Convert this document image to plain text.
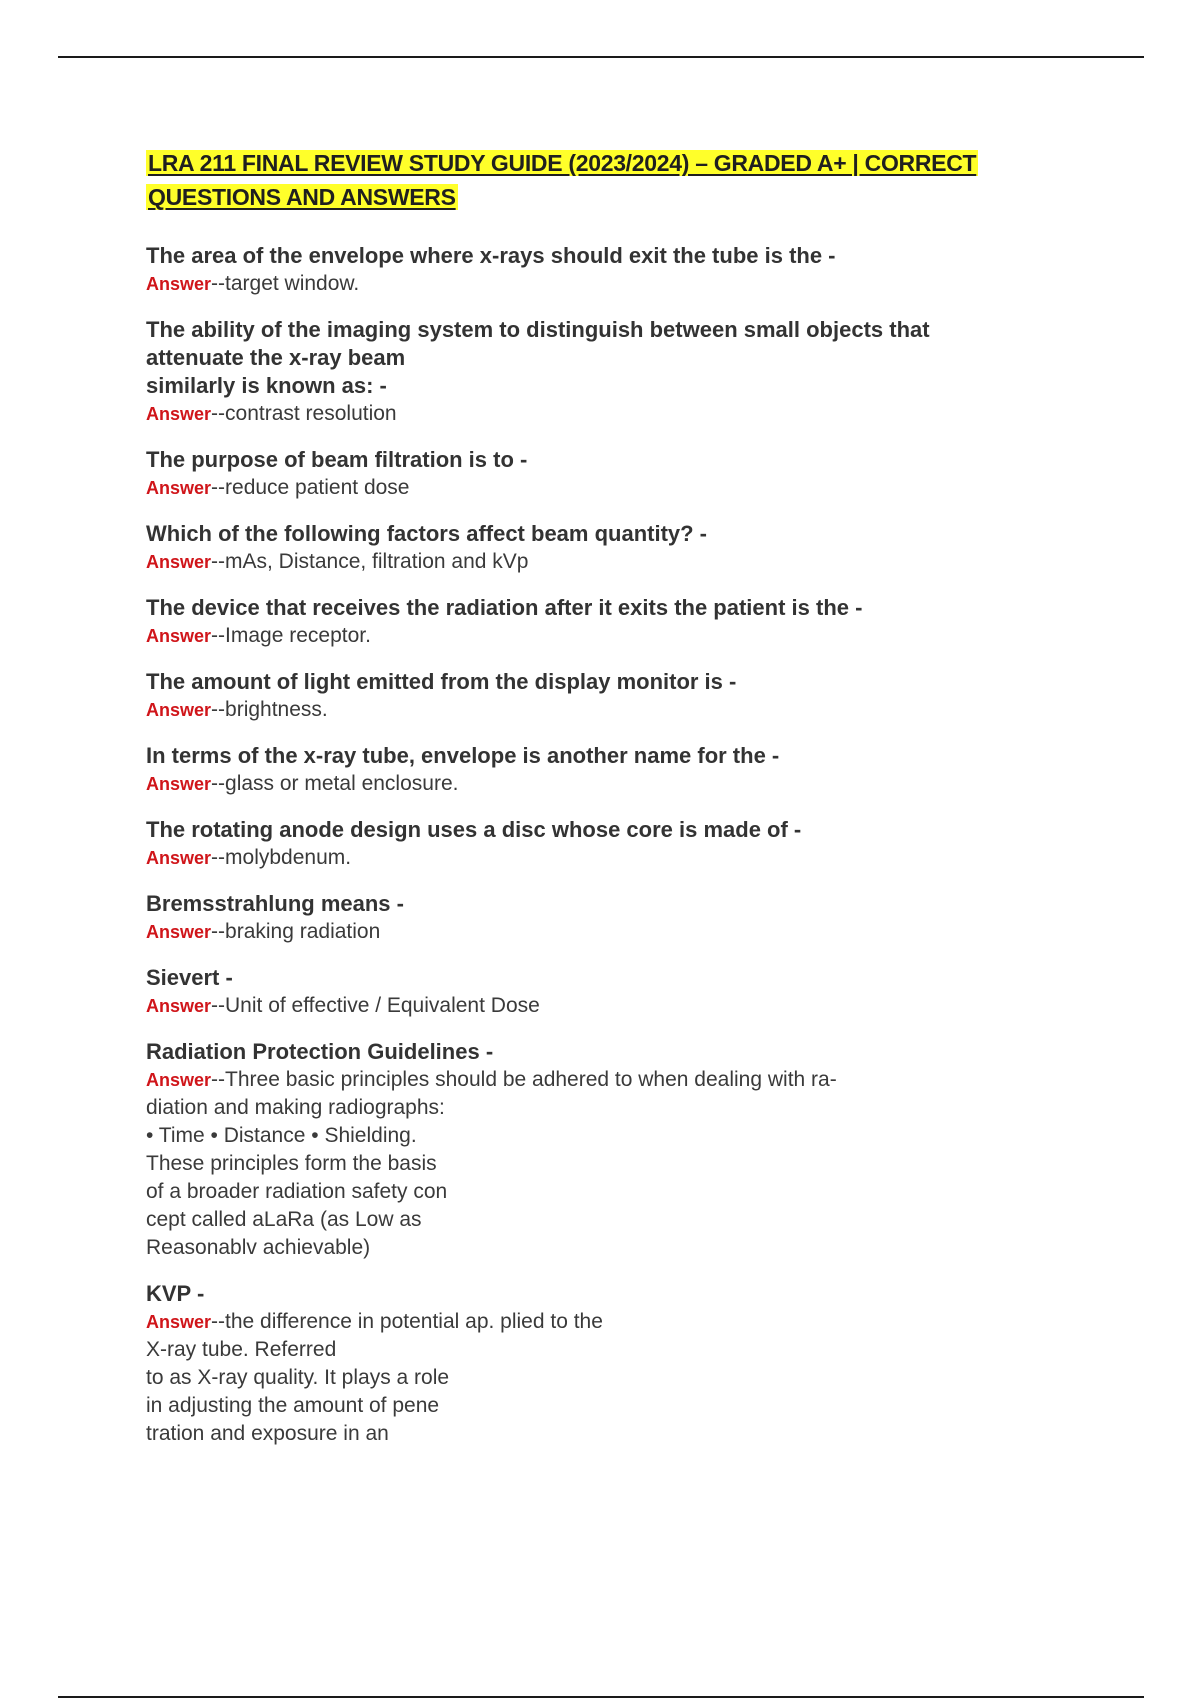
LRA 211 FINAL REVIEW STUDY GUIDE (2023/2024) – GRADED A+ | CORRECT
QUESTIONS AND ANSWERS
The area of the envelope where x-rays should exit the tube is the -
Answer--target window.
The ability of the imaging system to distinguish between small objects that
attenuate the x-ray beam
similarly is known as: -
Answer--contrast resolution
The purpose of beam filtration is to -
Answer--reduce patient dose
Which of the following factors affect beam quantity? -
Answer--mAs, Distance, filtration and kVp
The device that receives the radiation after it exits the patient is the -
Answer--Image receptor.
The amount of light emitted from the display monitor is -
Answer--brightness.
In terms of the x-ray tube, envelope is another name for the -
Answer--glass or metal enclosure.
The rotating anode design uses a disc whose core is made of -
Answer--molybdenum.
Bremsstrahlung means -
Answer--braking radiation
Sievert -
Answer--Unit of effective / Equivalent Dose
Radiation Protection Guidelines -
Answer--Three basic principles should be adhered to when dealing with ra-
diation and making radiographs:
• Time • Distance • Shielding.
These principles form the basis
of a broader radiation safety con
cept called aLaRa (as Low as
Reasonablv achievable)
KVP -
Answer--the difference in potential ap. plied to the
X-ray tube. Referred
to as X-ray quality. It plays a role
in adjusting the amount of pene
tration and exposure in an
